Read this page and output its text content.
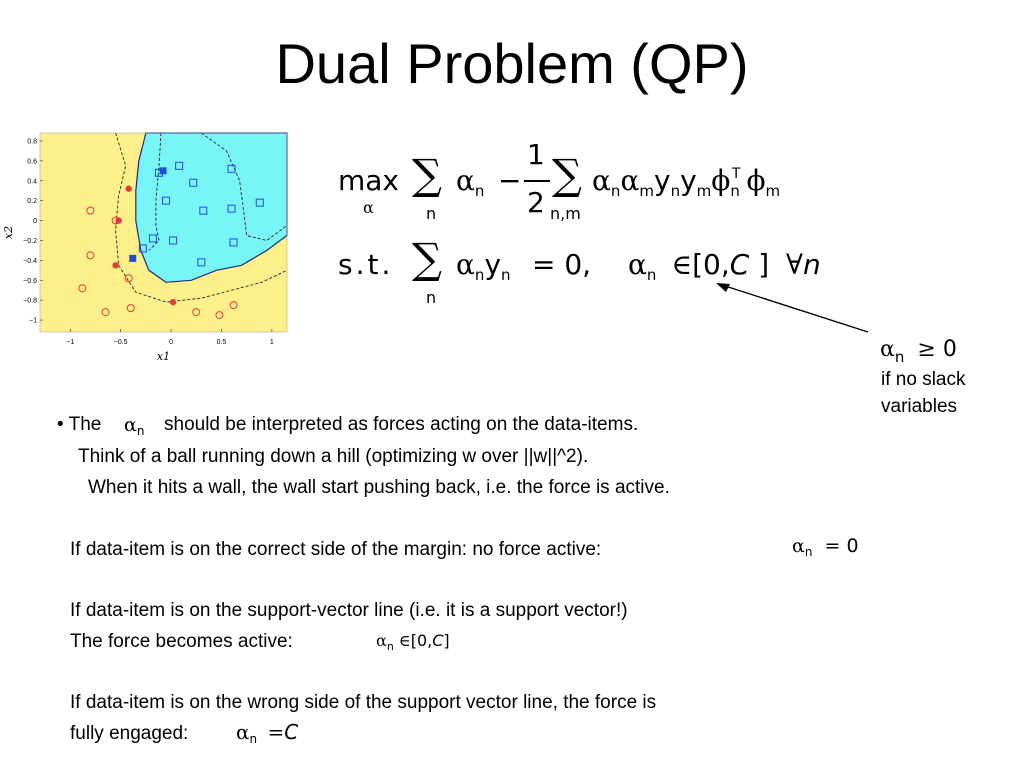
Dual Problem (QP)
−1	−0.5	0	0.5	1
0.8
0.6
0.4
0.2
0
−0.2
−0.4
−0.6
−0.8
−1
x1
x2
max
α
∑
n
$\alpha_n$ −
1
2
∑
n,m
$\alpha_n\alpha_my_ny_m\phi_n^T$ $\phi_m$
s.t. ∑
n
$\alpha_ny_n = 0$, $\alpha_n$ ∈[0,C ] ∀n
$\alpha_n \ge 0$
if no slack
variables
• The $\alpha_n$ should be interpreted as forces acting on the data-items.
Think of a ball running down a hill (optimizing w over ||w||^2).
When it hits a wall, the wall start pushing back, i.e. the force is active.
If data-item is on the correct side of the margin: no force active:	$\alpha_n = 0$
If data-item is on the support-vector line (i.e. it is a support vector!)
The force becomes active:	$\alpha_n$ ∈[0,C]
If data-item is on the wrong side of the support vector line, the force is
fully engaged: $\alpha_n =C$
